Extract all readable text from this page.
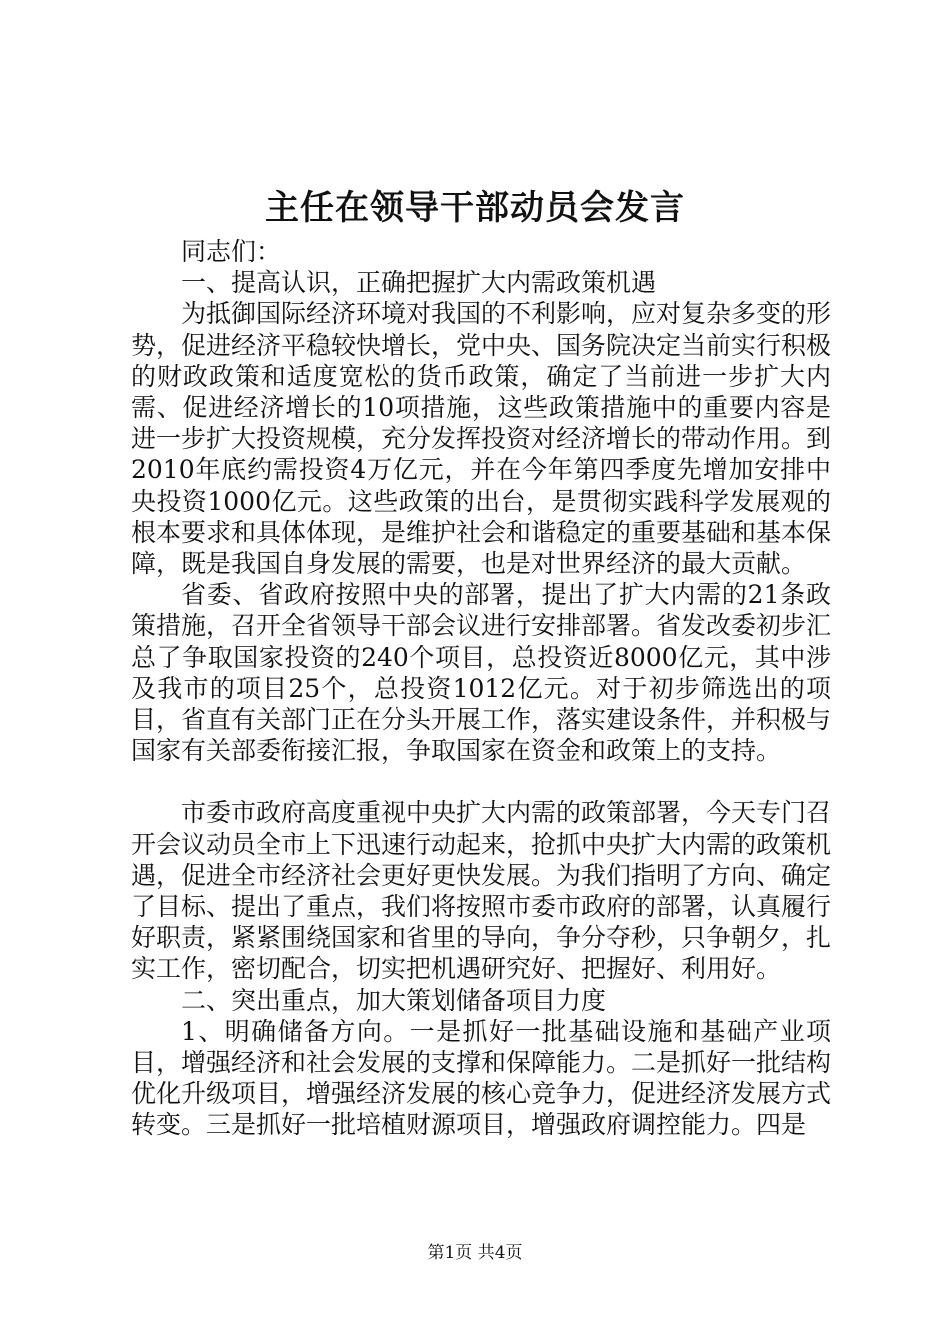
主任在领导干部动员会发言

同志们：

一、提高认识，正确把握扩大内需政策机遇

为抵御国际经济环境对我国的不利影响，应对复杂多变的形势，促进经济平稳较快增长，党中央、国务院决定当前实行积极的财政政策和适度宽松的货币政策，确定了当前进一步扩大内需、促进经济增长的10项措施，这些政策措施中的重要内容是进一步扩大投资规模，充分发挥投资对经济增长的带动作用。到2010年底约需投资4万亿元，并在今年第四季度先增加安排中央投资1000亿元。这些政策的出台，是贯彻实践科学发展观的根本要求和具体体现，是维护社会和谐稳定的重要基础和基本保障，既是我国自身发展的需要，也是对世界经济的最大贡献。

省委、省政府按照中央的部署，提出了扩大内需的21条政策措施，召开全省领导干部会议进行安排部署。省发改委初步汇总了争取国家投资的240个项目，总投资近8000亿元，其中涉及我市的项目25个，总投资1012亿元。对于初步筛选出的项目，省直有关部门正在分头开展工作，落实建设条件，并积极与国家有关部委衔接汇报，争取国家在资金和政策上的支持。

市委市政府高度重视中央扩大内需的政策部署，今天专门召开会议动员全市上下迅速行动起来，抢抓中央扩大内需的政策机遇，促进全市经济社会更好更快发展。为我们指明了方向、确定了目标、提出了重点，我们将按照市委市政府的部署，认真履行好职责，紧紧围绕国家和省里的导向，争分夺秒，只争朝夕，扎实工作，密切配合，切实把机遇研究好、把握好、利用好。

二、突出重点，加大策划储备项目力度

1、明确储备方向。一是抓好一批基础设施和基础产业项目，增强经济和社会发展的支撑和保障能力。二是抓好一批结构优化升级项目，增强经济发展的核心竞争力，促进经济发展方式转变。三是抓好一批培植财源项目，增强政府调控能力。四是

第1页 共4页
